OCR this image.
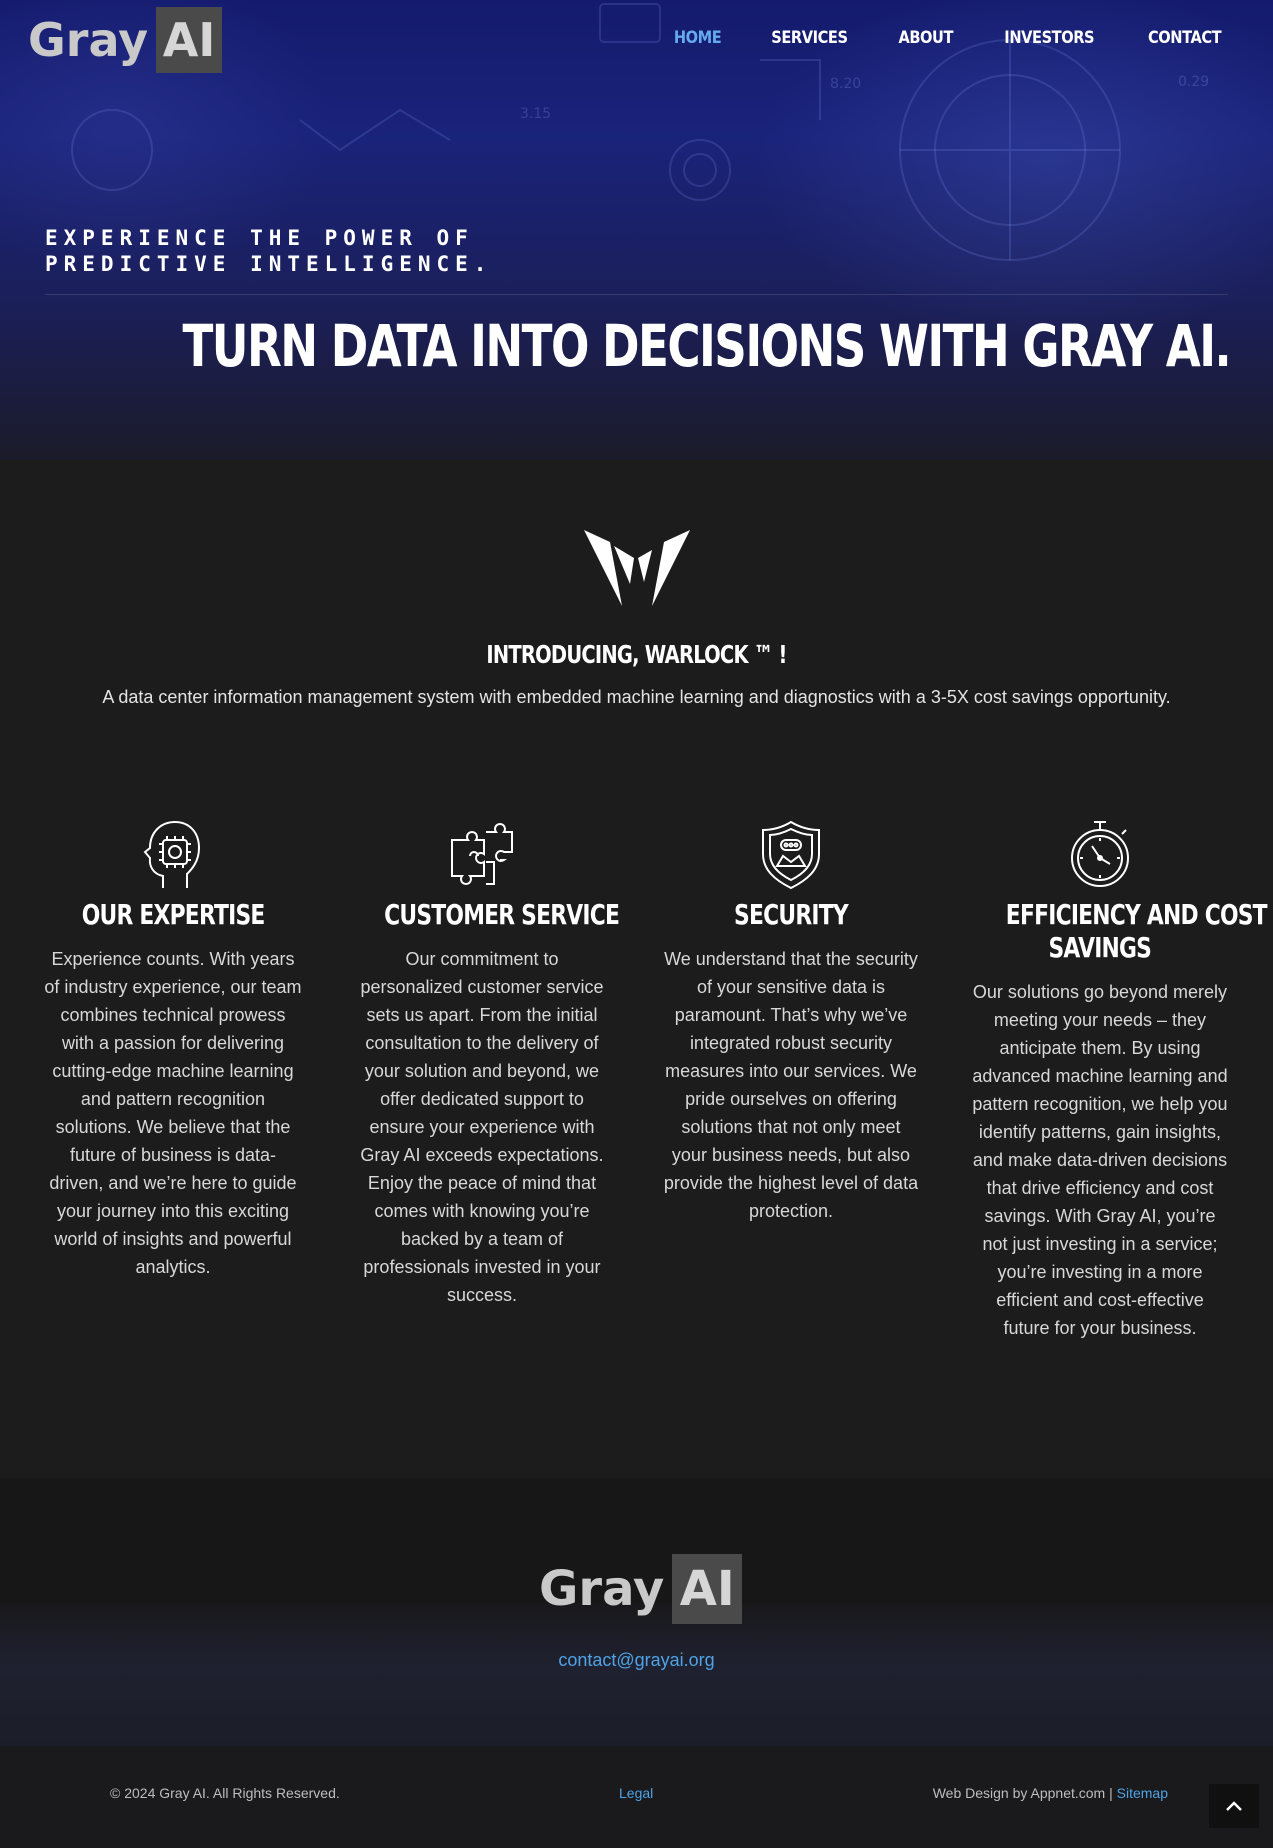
8.20
3.15
0.29
Gray AI	HOME	SERVICES	ABOUT	INVESTORS	CONTACT
EXPERIENCE THE POWER OF
PREDICTIVE INTELLIGENCE.
TURN DATA INTO DECISIONS WITH GRAY AI.
INTRODUCING, WARLOCK ™ !

A data center information management system with embedded machine learning and diagnostics with a 3-5X cost savings opportunity.

OUR EXPERTISE

Experience counts. With years of industry experience, our team combines technical prowess with a passion for delivering cutting-edge machine learning and pattern recognition solutions. We believe that the future of business is data-driven, and we’re here to guide your journey into this exciting world of insights and powerful analytics.

CUSTOMER SERVICE

Our commitment to personalized customer service sets us apart. From the initial consultation to the delivery of your solution and beyond, we offer dedicated support to ensure your experience with Gray AI exceeds expectations. Enjoy the peace of mind that comes with knowing you’re backed by a team of professionals invested in your success.

SECURITY

We understand that the security of your sensitive data is paramount. That’s why we’ve integrated robust security measures into our services. We pride ourselves on offering solutions that not only meet your business needs, but also provide the highest level of data protection.

EFFICIENCY AND COST
SAVINGS

Our solutions go beyond merely meeting your needs – they anticipate them. By using advanced machine learning and pattern recognition, we help you identify patterns, gain insights, and make data-driven decisions that drive efficiency and cost savings. With Gray AI, you’re not just investing in a service; you’re investing in a more efficient and cost-effective future for your business.

Gray AI
contact@grayai.org
© 2024 Gray AI. All Rights Reserved.	Legal	Web Design by Appnet.com | Sitemap
